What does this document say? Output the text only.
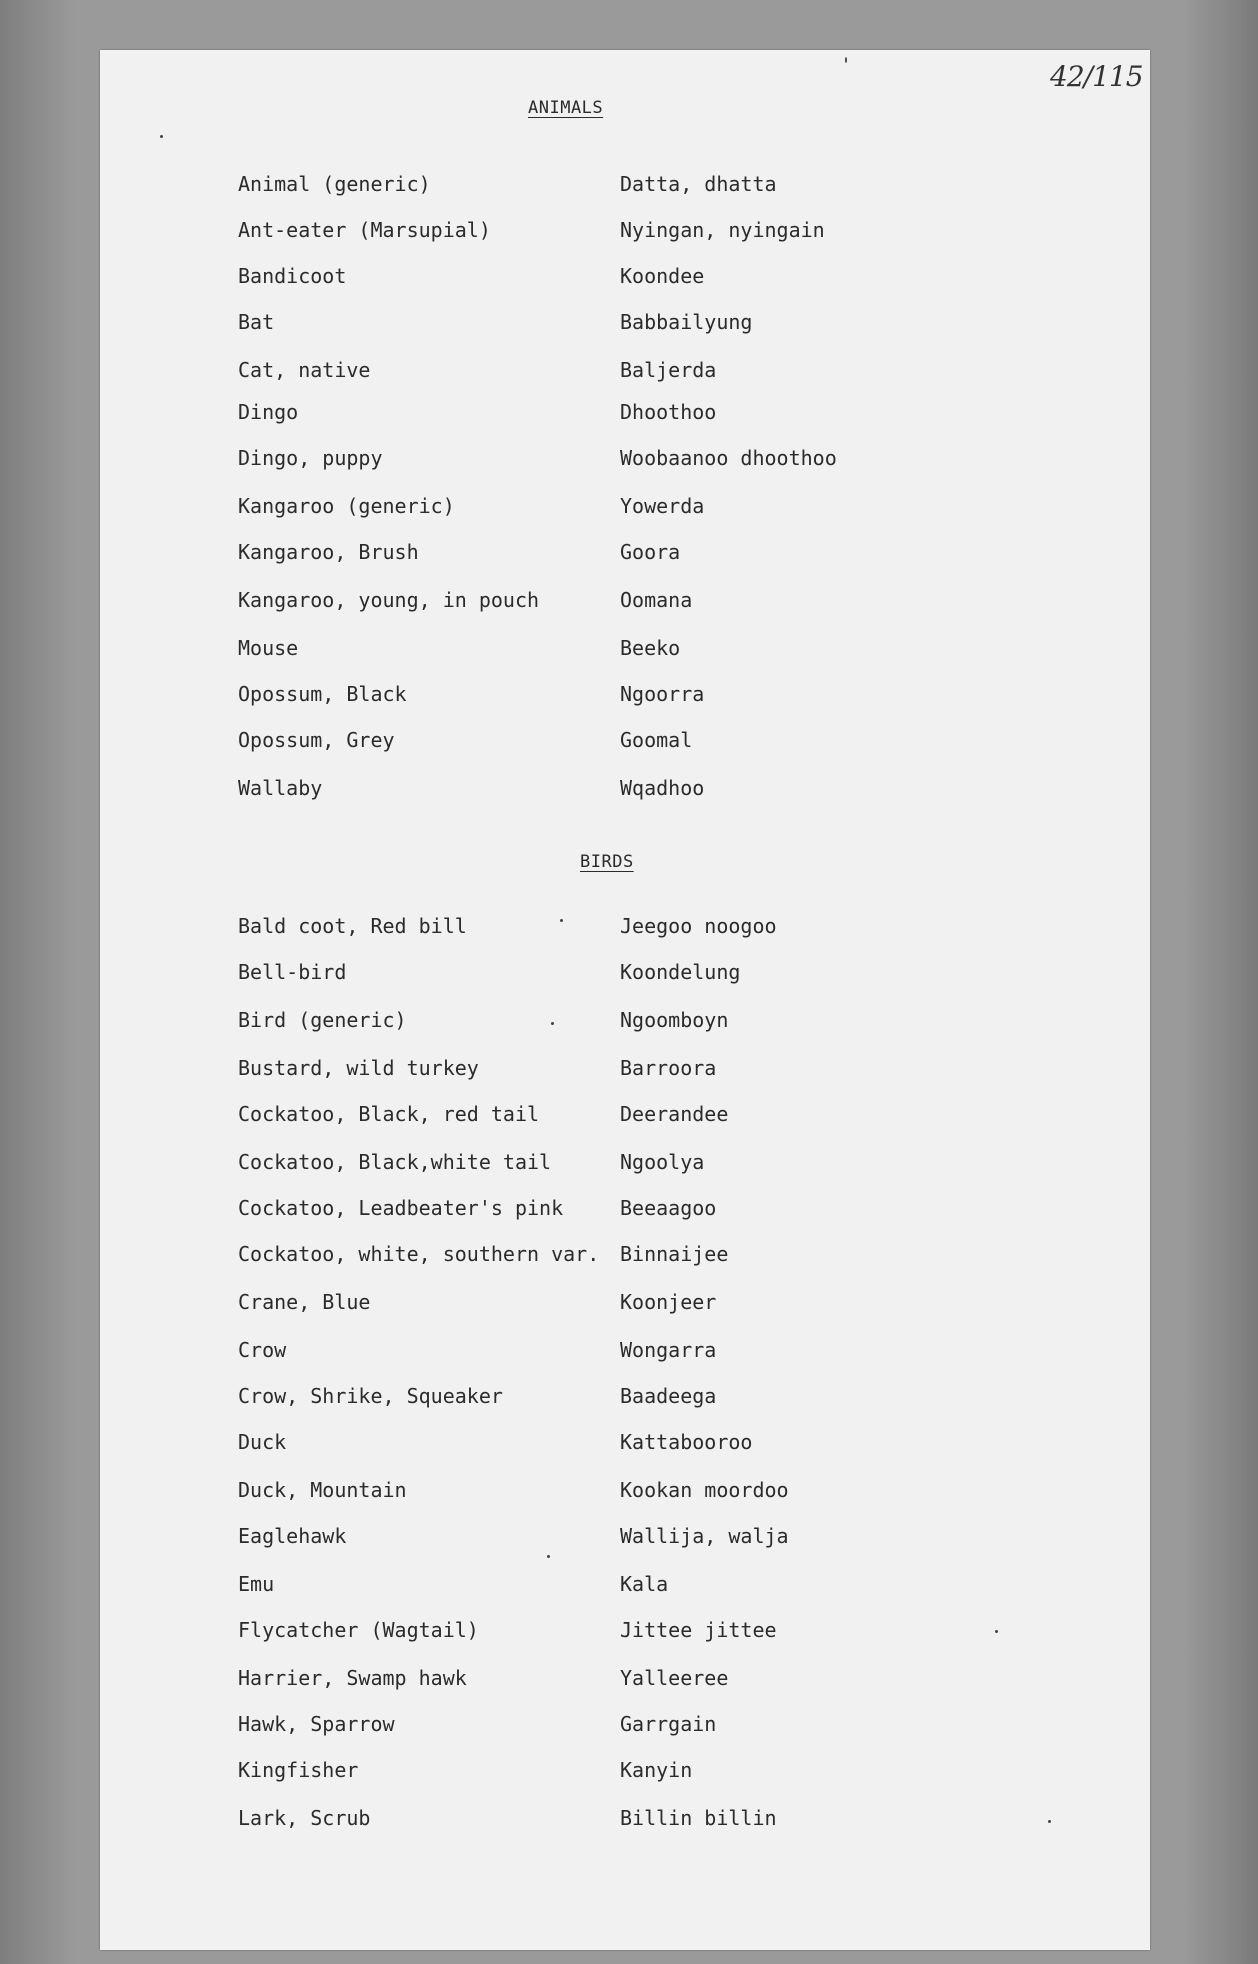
42/115
ANIMALS
Animal (generic)	Datta, dhatta
Ant-eater (Marsupial)	Nyingan, nyingain
Bandicoot	Koondee
Bat	Babbailyung
Cat, native	Baljerda
Dingo	Dhoothoo
Dingo, puppy	Woobaanoo dhoothoo
Kangaroo (generic)	Yowerda
Kangaroo, Brush	Goora
Kangaroo, young, in pouch	Oomana
Mouse	Beeko
Opossum, Black	Ngoorra
Opossum, Grey	Goomal
Wallaby	Wqadhoo
BIRDS
Bald coot, Red bill	Jeegoo noogoo
Bell-bird	Koondelung
Bird (generic)	Ngoomboyn
Bustard, wild turkey	Barroora
Cockatoo, Black, red tail	Deerandee
Cockatoo, Black,white tail	Ngoolya
Cockatoo, Leadbeater's pink	Beeaagoo
Cockatoo, white, southern var. Binnaijee
Crane, Blue	Koonjeer
Crow	Wongarra
Crow, Shrike, Squeaker	Baadeega
Duck	Kattabooroo
Duck, Mountain	Kookan moordoo
Eaglehawk	Wallija, walja
Emu	Kala
Flycatcher (Wagtail)	Jittee jittee
Harrier, Swamp hawk	Yalleeree
Hawk, Sparrow	Garrgain
Kingfisher	Kanyin
Lark, Scrub	Billin billin
